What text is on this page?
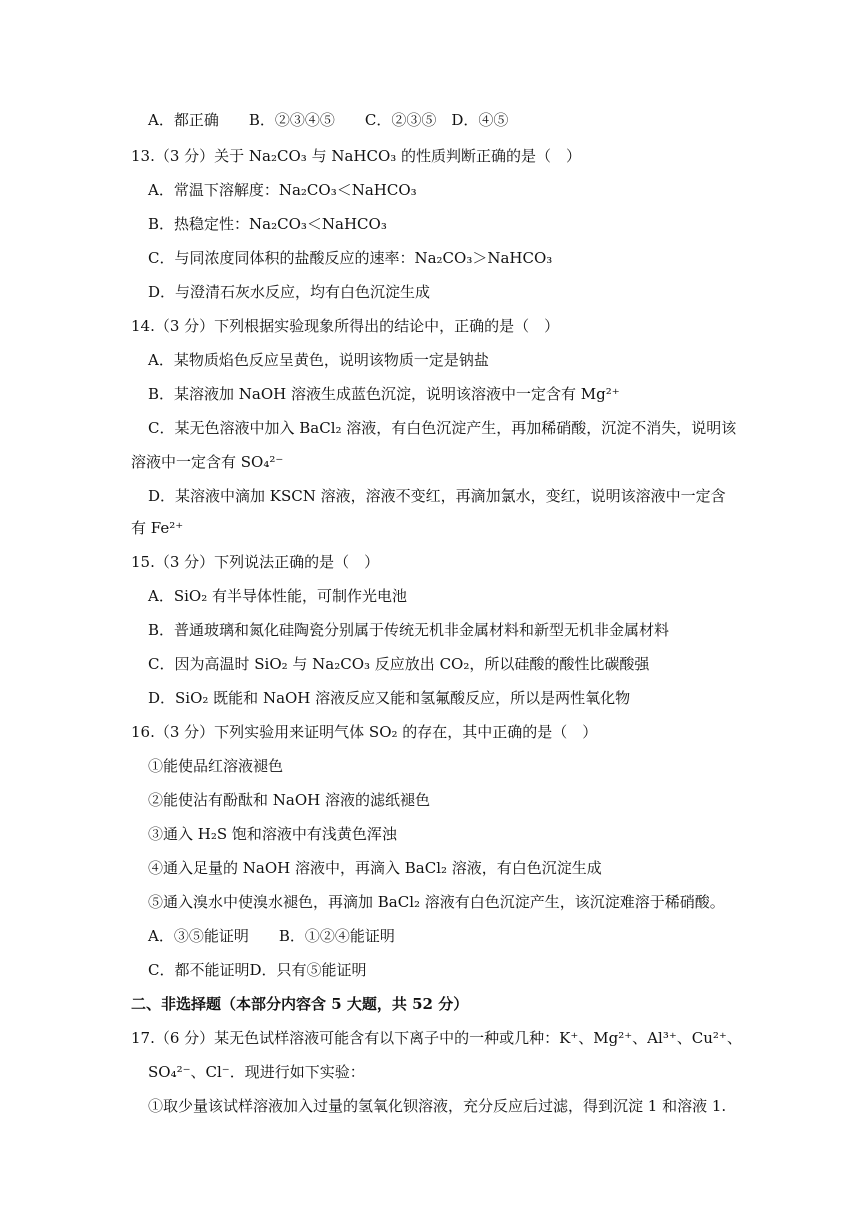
A．都正确　　B．②③④⑤　　C．②③⑤　D．④⑤
13.（3 分）关于 Na₂CO₃ 与 NaHCO₃ 的性质判断正确的是（　）
A．常温下溶解度：Na₂CO₃＜NaHCO₃
B．热稳定性：Na₂CO₃＜NaHCO₃
C．与同浓度同体积的盐酸反应的速率：Na₂CO₃＞NaHCO₃
D．与澄清石灰水反应，均有白色沉淀生成
14.（3 分）下列根据实验现象所得出的结论中，正确的是（　）
A．某物质焰色反应呈黄色，说明该物质一定是钠盐
B．某溶液加 NaOH 溶液生成蓝色沉淀，说明该溶液中一定含有 Mg²⁺
C．某无色溶液中加入 BaCl₂ 溶液，有白色沉淀产生，再加稀硝酸，沉淀不消失，说明该
溶液中一定含有 SO₄²⁻
D．某溶液中滴加 KSCN 溶液，溶液不变红，再滴加氯水，变红，说明该溶液中一定含
有 Fe²⁺
15.（3 分）下列说法正确的是（　）
A．SiO₂ 有半导体性能，可制作光电池
B．普通玻璃和氮化硅陶瓷分别属于传统无机非金属材料和新型无机非金属材料
C．因为高温时 SiO₂ 与 Na₂CO₃ 反应放出 CO₂，所以硅酸的酸性比碳酸强
D．SiO₂ 既能和 NaOH 溶液反应又能和氢氟酸反应，所以是两性氧化物
16.（3 分）下列实验用来证明气体 SO₂ 的存在，其中正确的是（　）
①能使品红溶液褪色
②能使沾有酚酞和 NaOH 溶液的滤纸褪色
③通入 H₂S 饱和溶液中有浅黄色浑浊
④通入足量的 NaOH 溶液中，再滴入 BaCl₂ 溶液，有白色沉淀生成
⑤通入溴水中使溴水褪色，再滴加 BaCl₂ 溶液有白色沉淀产生，该沉淀难溶于稀硝酸。
A．③⑤能证明　　B．①②④能证明
C．都不能证明D．只有⑤能证明
二、非选择题（本部分内容含 5 大题，共 52 分）
17.（6 分）某无色试样溶液可能含有以下离子中的一种或几种：K⁺、Mg²⁺、Al³⁺、Cu²⁺、
SO₄²⁻、Cl⁻．现进行如下实验：
①取少量该试样溶液加入过量的氢氧化钡溶液，充分反应后过滤，得到沉淀 1 和溶液 1.
